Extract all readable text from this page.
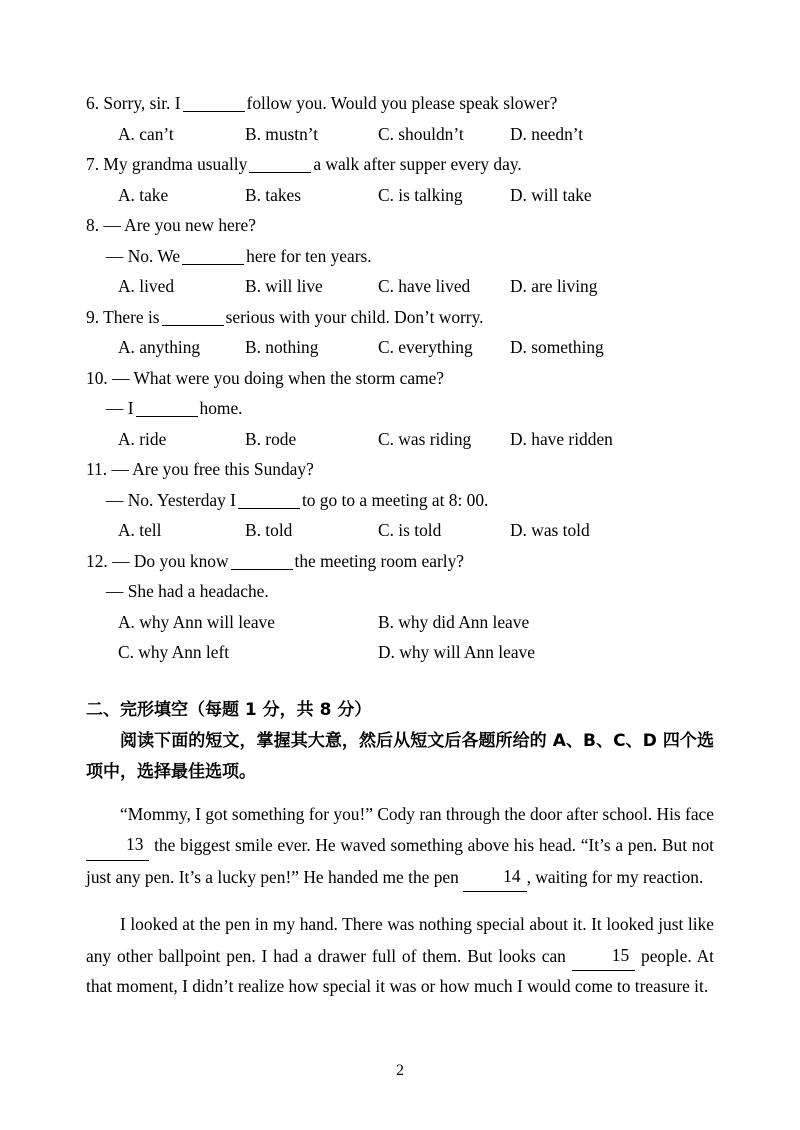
6. Sorry, sir. I	follow you. Would you please speak slower?
A. can’t	B. mustn’t	C. shouldn’t	D. needn’t
7. My grandma usually	a walk after supper every day.
A. take	B. takes	C. is talking	D. will take
8. — Are you new here?
— No. We	here for ten years.
A. lived	B. will live	C. have lived D. are living
9. There is	serious with your child. Don’t worry.
A. anything	B. nothing	C. everything D. something
10. — What were you doing when the storm came?
— I	home.
A. ride	B. rode	C. was riding D. have ridden
11. — Are you free this Sunday?
— No. Yesterday I	to go to a meeting at 8: 00.
A. tell	B. told	C. is told	D. was told
12. — Do you know	the meeting room early?
— She had a headache.
A. why Ann will leave	B. why did Ann leave
C. why Ann left	D. why will Ann leave
二、完形填空（每题 1 分，共 8 分）
阅读下面的短文，掌握其大意，然后从短文后各题所给的 A、B、C、D 四个选项中，选择最佳选项。

“Mommy, I got something for you!” Cody ran through the door after school. His face 13 the biggest smile ever. He waved something above his head. “It’s a pen. But not just any pen. It’s a lucky pen!” He handed me the pen 14 , waiting for my reaction.

I looked at the pen in my hand. There was nothing special about it. It looked just like any other ballpoint pen. I had a drawer full of them. But looks can 15 people. At that moment, I didn’t realize how special it was or how much I would come to treasure it.

2
